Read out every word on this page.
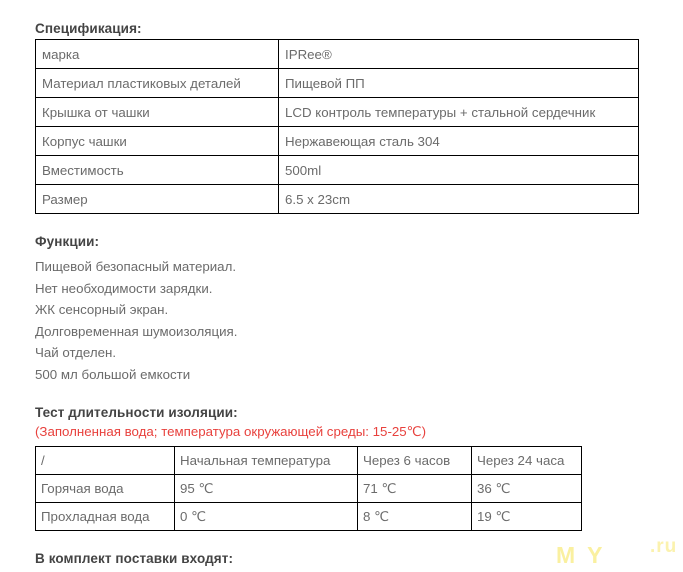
Спецификация:
марка	IPRee®
Материал пластиковых деталей	Пищевой ПП
Крышка от чашки	LCD контроль температуры + стальной сердечник
Корпус чашки	Нержавеющая сталь 304
Вместимость	500ml
Размер	6.5 x 23cm
Функции:
Пищевой безопасный материал.
Нет необходимости зарядки.
ЖК сенсорный экран.
Долговременная шумоизоляция.
Чай отделен.
500 мл большой емкости
Тест длительности изоляции:
(Заполненная вода; температура окружающей среды: 15-25℃)
/	Начальная температура	Через 6 часов	Через 24 часа
Горячая вода	95 ℃	71 ℃	36 ℃
Прохладная вода	0 ℃	8 ℃	19 ℃
В комплект поставки входят:	M Y .ru
